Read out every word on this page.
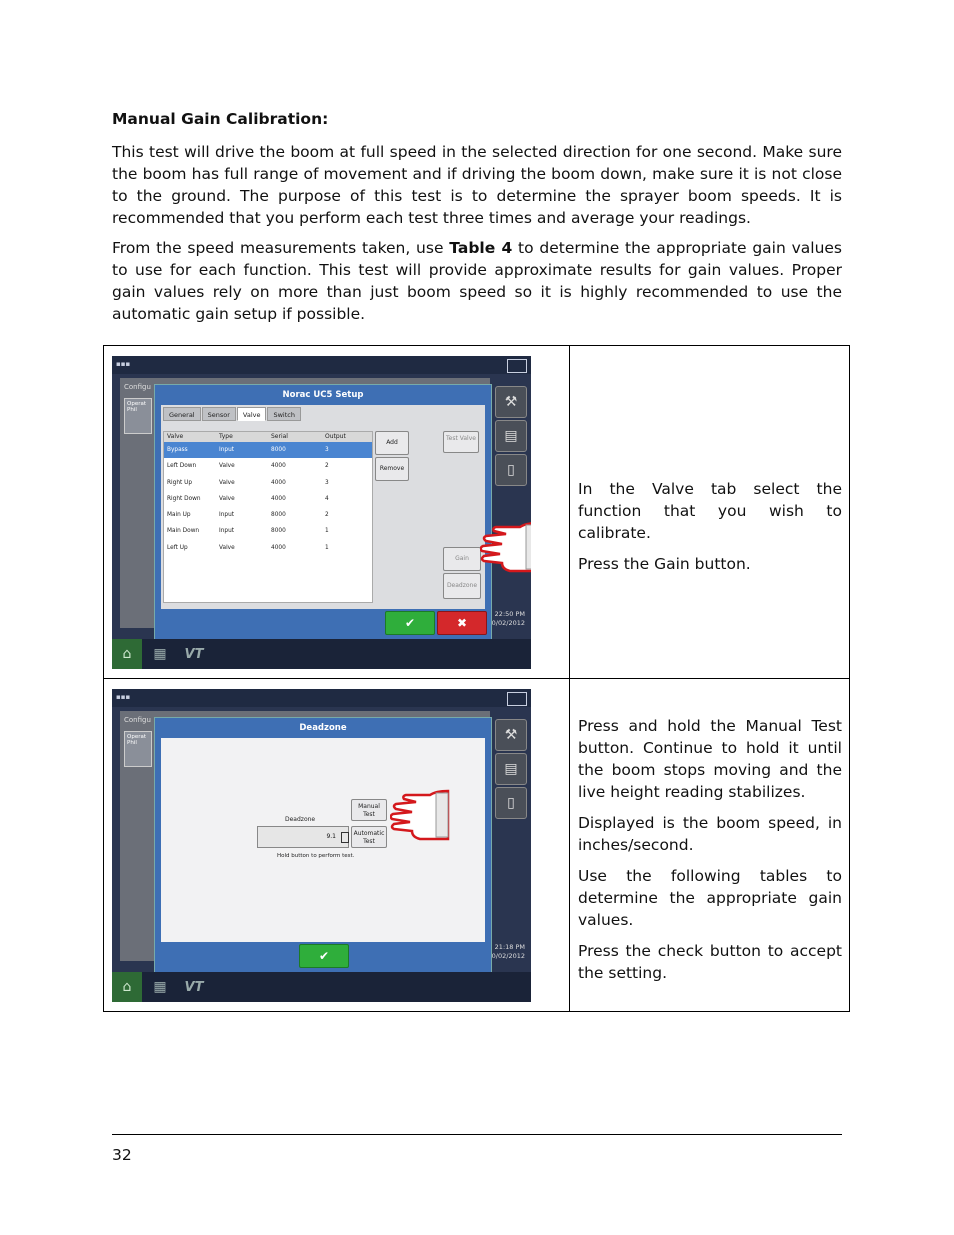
Manual Gain Calibration:
This test will drive the boom at full speed in the selected direction for one second. Make sure the boom has full range of movement and if driving the boom down, make sure it is not close to the ground. The purpose of this test is to determine the sprayer boom speeds. It is recommended that you perform each test three times and average your readings.
From the speed measurements taken, use Table 4 to determine the appropriate gain values to use for each function. This test will provide approximate results for gain values. Proper gain values rely on more than just boom speed so it is highly recommended to use the automatic gain setup if possible.
▪▪▪
Configu
Operat Phil	⚒
▤
▯
22:50 PM
0/02/2012
Norac UC5 Setup
General	Sensor	Valve	Switch
Valve	Type	Serial	Output
Bypass	Input	8000	3
Left Down	Valve	4000	2
Right Up	Valve	4000	3
Right Down	Valve	4000	4
Main Up	Input	8000	2
Main Down	Input	8000	1
Left Up	Valve	4000	1
Add
Remove
Test Valve
Gain
Deadzone
✔	✖
⌂	▦	VT

In the Valve tab select the function that you wish to calibrate.

Press the Gain button.

▪▪▪
Configu
Operat Phil	⚒
▤
▯
21:18 PM
0/02/2012
Deadzone
Deadzone
9.1
Manual Test
Automatic Test
Hold button to perform test.
✔
⌂	▦	VT

Press and hold the Manual Test button. Continue to hold it until the boom stops moving and the live height reading stabilizes.

Displayed is the boom speed, in inches/second.

Use the following tables to determine the appropriate gain values.

Press the check button to accept the setting.

32
